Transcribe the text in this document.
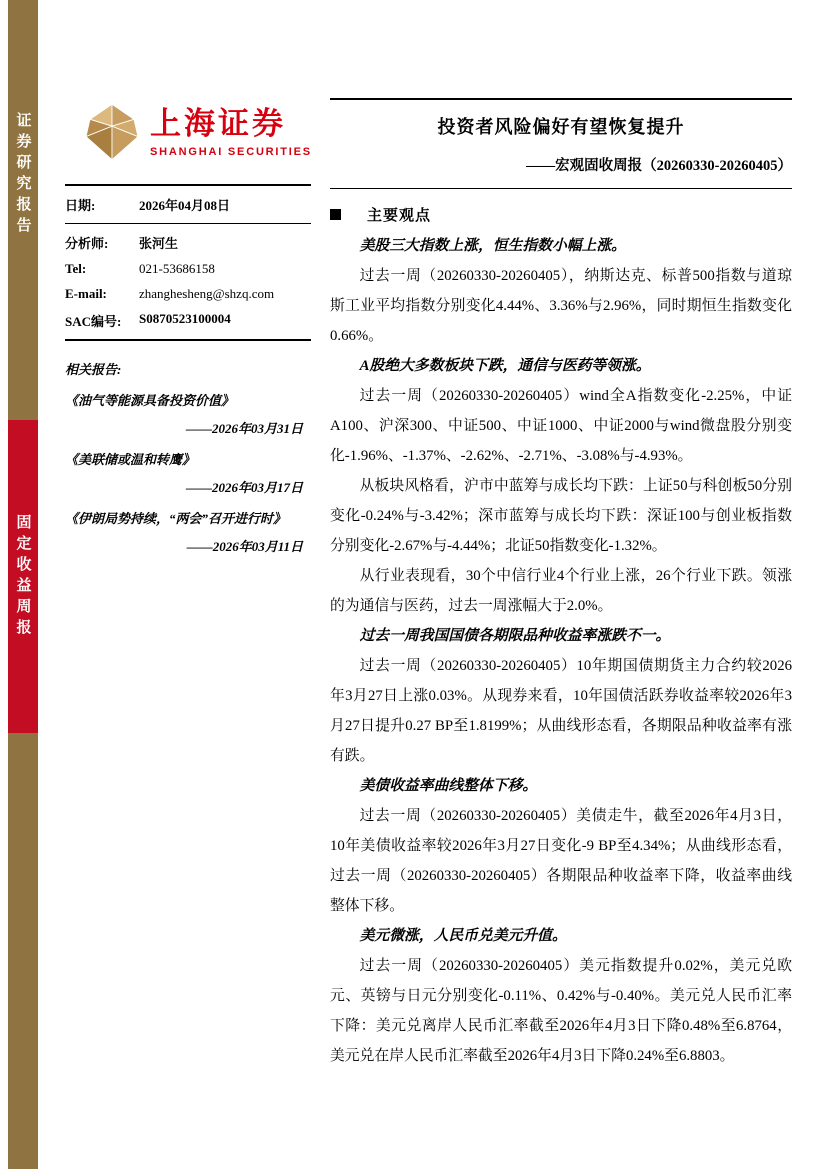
证券研究报告
固定收益周报
上海证券
SHANGHAI SECURITIES
日期:	2026年04月08日
分析师:	张河生
Tel:	021-53686158
E-mail:	zhanghesheng@shzq.com
SAC编号:	S0870523100004
相关报告:
《油气等能源具备投资价值》
——2026年03月31日
《美联储或温和转鹰》
——2026年03月17日
《伊朗局势持续，“两会”召开进行时》
——2026年03月11日
投资者风险偏好有望恢复提升
——宏观固收周报（20260330-20260405）
主要观点

美股三大指数上涨，恒生指数小幅上涨。

过去一周（20260330-20260405），纳斯达克、标普500指数与道琼斯工业平均指数分别变化4.44%、3.36%与2.96%，同时期恒生指数变化0.66%。

A股绝大多数板块下跌，通信与医药等领涨。

过去一周（20260330-20260405）wind全A指数变化-2.25%，中证A100、沪深300、中证500、中证1000、中证2000与wind微盘股分别变化-1.96%、-1.37%、-2.62%、-2.71%、-3.08%与-4.93%。

从板块风格看，沪市中蓝筹与成长均下跌：上证50与科创板50分别变化-0.24%与-3.42%；深市蓝筹与成长均下跌：深证100与创业板指数分别变化-2.67%与-4.44%；北证50指数变化-1.32%。

从行业表现看，30个中信行业4个行业上涨，26个行业下跌。领涨的为通信与医药，过去一周涨幅大于2.0%。

过去一周我国国债各期限品种收益率涨跌不一。

过去一周（20260330-20260405）10年期国债期货主力合约较2026年3月27日上涨0.03%。从现券来看，10年国债活跃券收益率较2026年3月27日提升0.27 BP至1.8199%；从曲线形态看，各期限品种收益率有涨有跌。

美债收益率曲线整体下移。

过去一周（20260330-20260405）美债走牛，截至2026年4月3日，10年美债收益率较2026年3月27日变化-9 BP至4.34%；从曲线形态看，过去一周（20260330-20260405）各期限品种收益率下降，收益率曲线整体下移。

美元微涨，人民币兑美元升值。

过去一周（20260330-20260405）美元指数提升0.02%，美元兑欧元、英镑与日元分别变化-0.11%、0.42%与-0.40%。美元兑人民币汇率下降：美元兑离岸人民币汇率截至2026年4月3日下降0.48%至6.8764，美元兑在岸人民币汇率截至2026年4月3日下降0.24%至6.8803。
